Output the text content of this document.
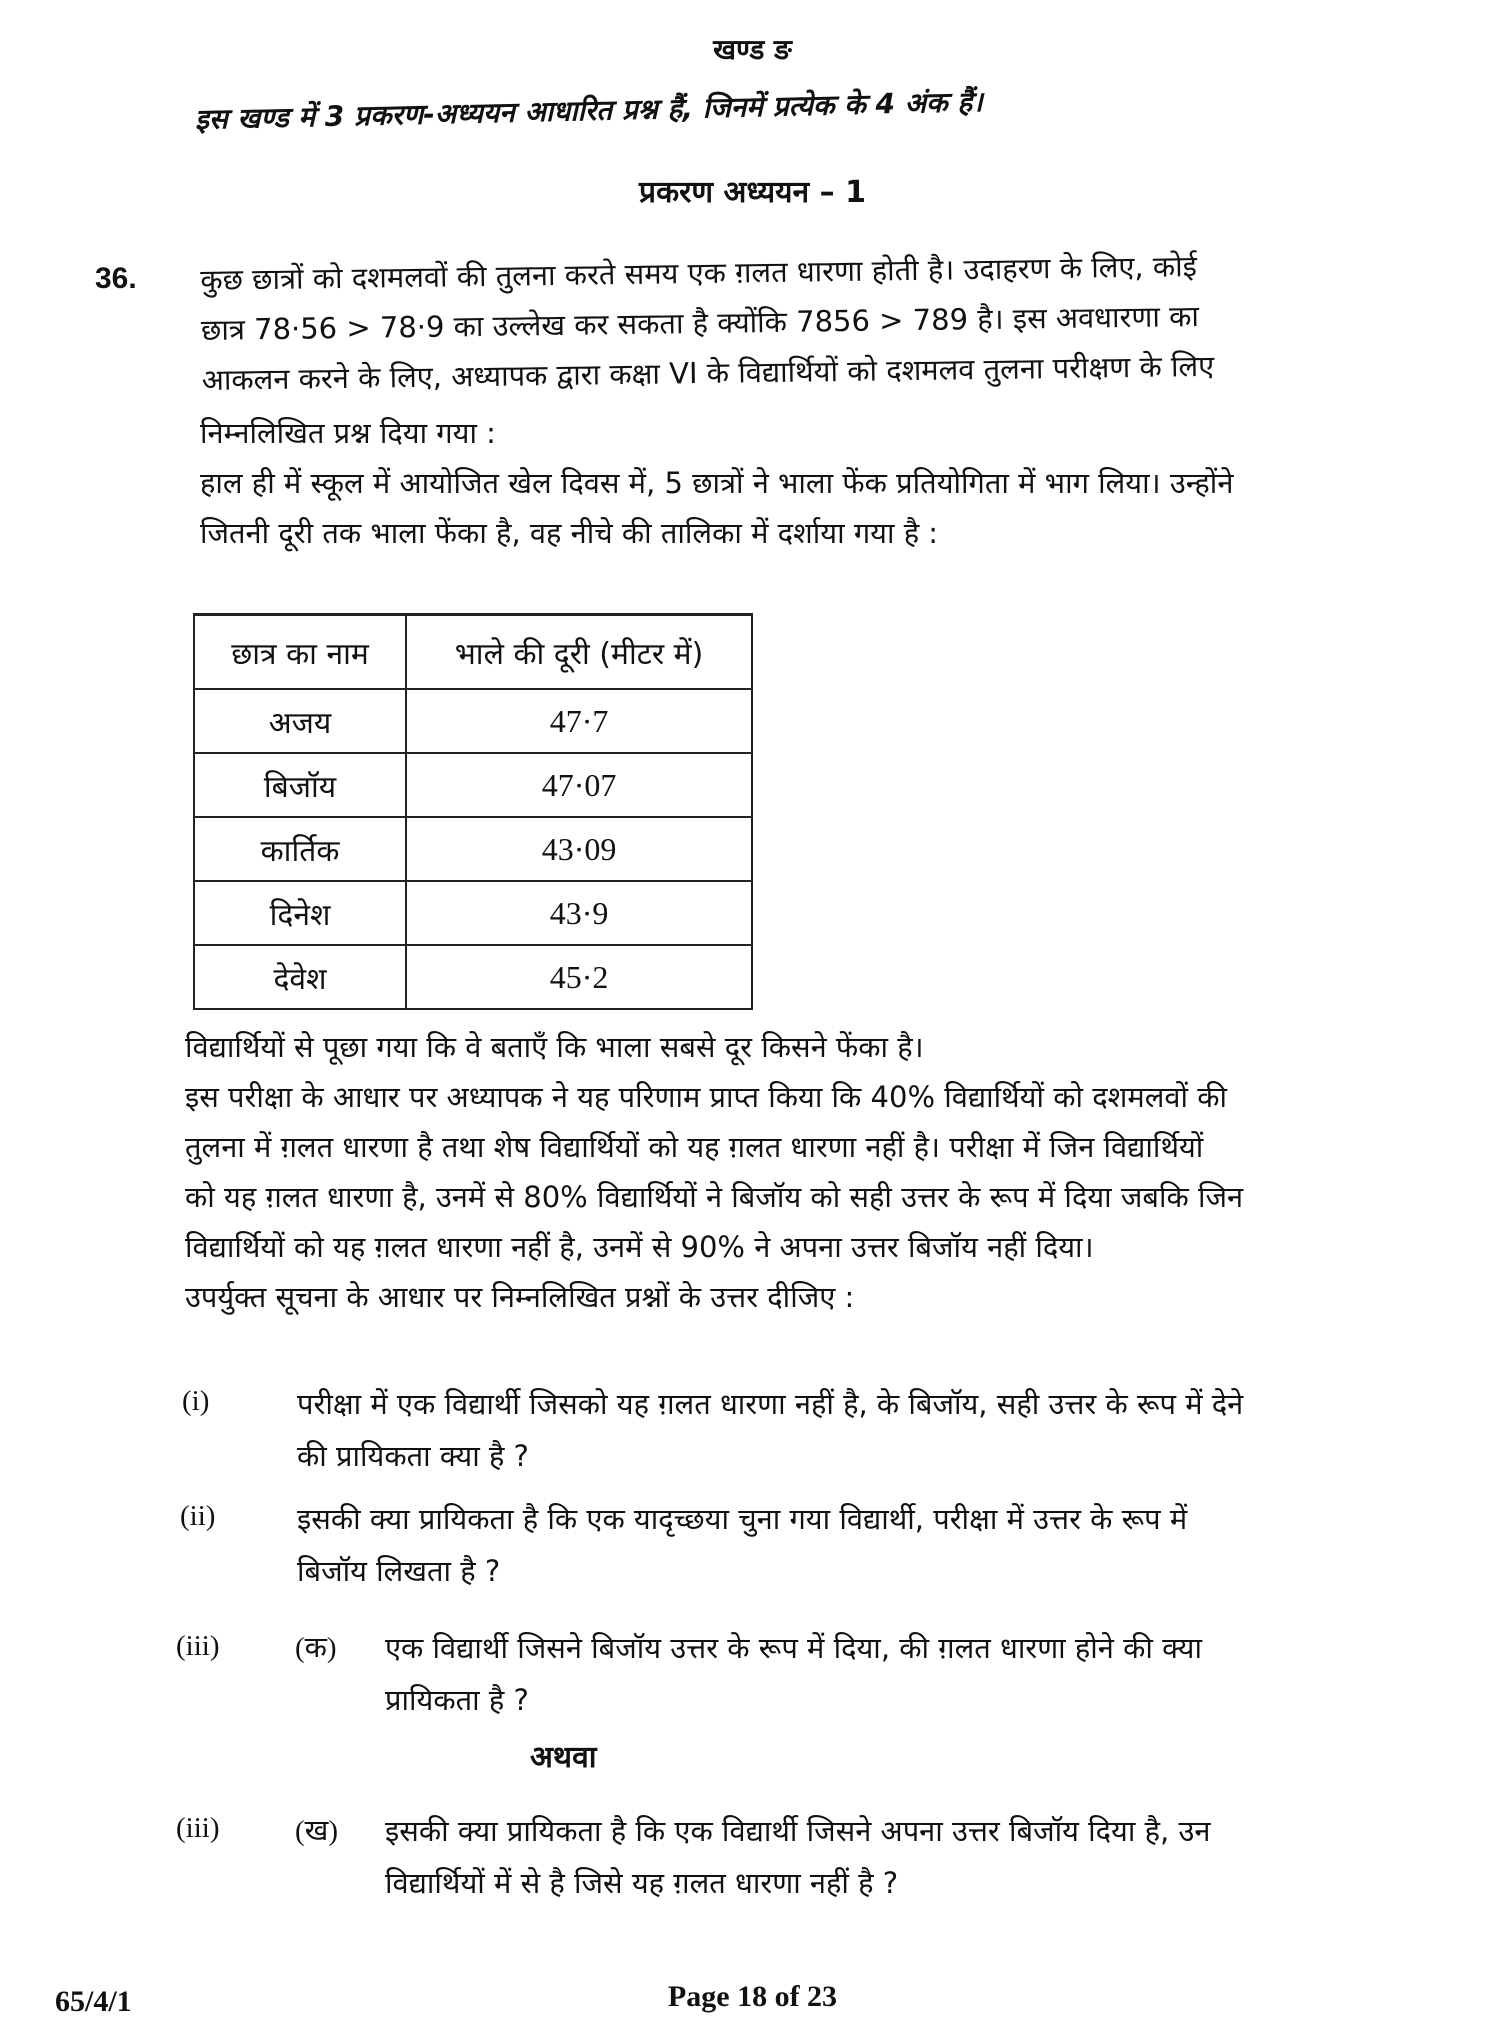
खण्ड ङ
इस खण्ड में 3 प्रकरण-अध्ययन आधारित प्रश्न हैं, जिनमें प्रत्येक के 4 अंक हैं।
प्रकरण अध्ययन – 1
36. कुछ छात्रों को दशमलवों की तुलना करते समय एक ग़लत धारणा होती है। उदाहरण के लिए, कोई
छात्र 78·56 > 78·9 का उल्लेख कर सकता है क्योंकि 7856 > 789 है। इस अवधारणा का
आकलन करने के लिए, अध्यापक द्वारा कक्षा VI के विद्यार्थियों को दशमलव तुलना परीक्षण के लिए
निम्नलिखित प्रश्न दिया गया :
हाल ही में स्कूल में आयोजित खेल दिवस में, 5 छात्रों ने भाला फेंक प्रतियोगिता में भाग लिया। उन्होंने
जितनी दूरी तक भाला फेंका है, वह नीचे की तालिका में दर्शाया गया है :
छात्र का नाम	भाले की दूरी (मीटर में)
अजय	47·7
बिजॉय	47·07
कार्तिक	43·09
दिनेश	43·9
देवेश	45·2
विद्यार्थियों से पूछा गया कि वे बताएँ कि भाला सबसे दूर किसने फेंका है।
इस परीक्षा के आधार पर अध्यापक ने यह परिणाम प्राप्त किया कि 40% विद्यार्थियों को दशमलवों की
तुलना में ग़लत धारणा है तथा शेष विद्यार्थियों को यह ग़लत धारणा नहीं है। परीक्षा में जिन विद्यार्थियों
को यह ग़लत धारणा है, उनमें से 80% विद्यार्थियों ने बिजॉय को सही उत्तर के रूप में दिया जबकि जिन
विद्यार्थियों को यह ग़लत धारणा नहीं है, उनमें से 90% ने अपना उत्तर बिजॉय नहीं दिया।
उपर्युक्त सूचना के आधार पर निम्नलिखित प्रश्नों के उत्तर दीजिए :
(i)	परीक्षा में एक विद्यार्थी जिसको यह ग़लत धारणा नहीं है, के बिजॉय, सही उत्तर के रूप में देने
की प्रायिकता क्या है ?
(ii)	इसकी क्या प्रायिकता है कि एक यादृच्छया चुना गया विद्यार्थी, परीक्षा में उत्तर के रूप में
बिजॉय लिखता है ?
(iii)	(क) एक विद्यार्थी जिसने बिजॉय उत्तर के रूप में दिया, की ग़लत धारणा होने की क्या
प्रायिकता है ?
अथवा
(iii)	(ख) इसकी क्या प्रायिकता है कि एक विद्यार्थी जिसने अपना उत्तर बिजॉय दिया है, उन
विद्यार्थियों में से है जिसे यह ग़लत धारणा नहीं है ?
65/4/1	Page 18 of 23
